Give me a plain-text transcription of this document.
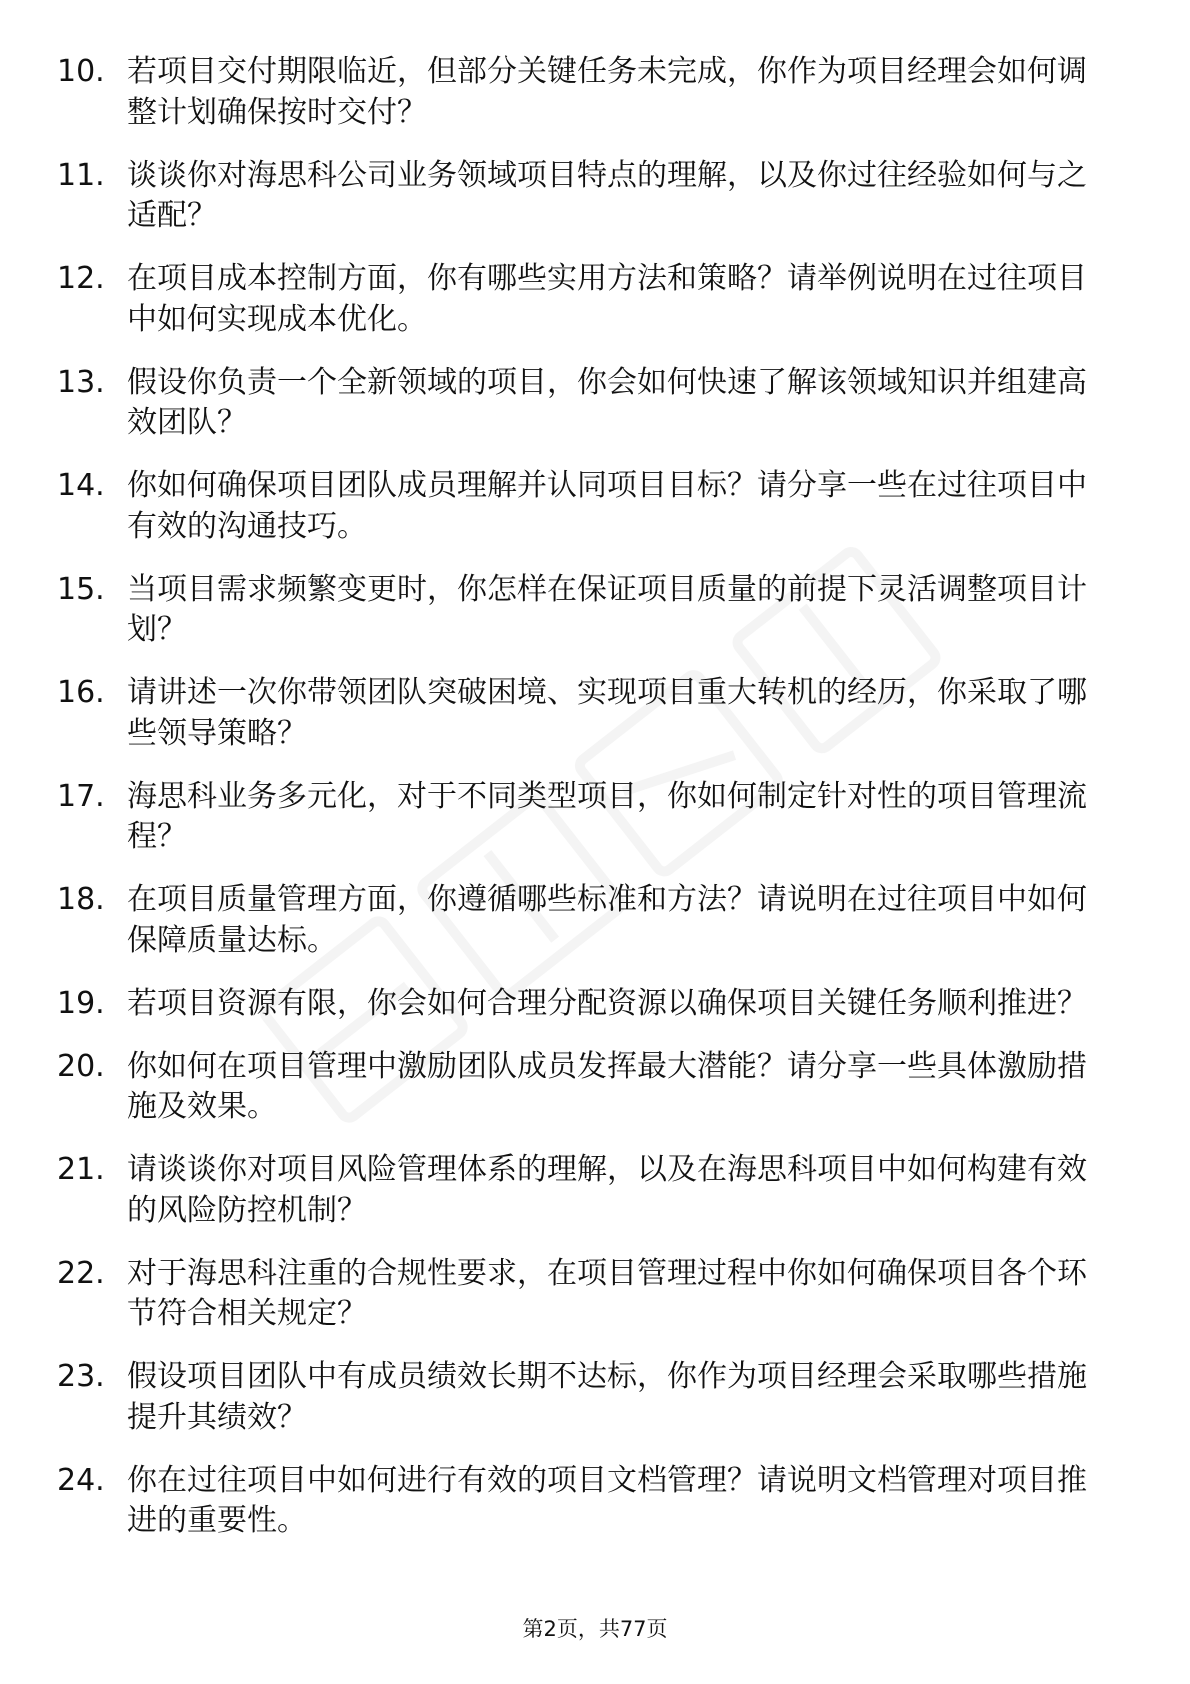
10. 若项目交付期限临近，但部分关键任务未完成，你作为项目经理会如何调整计划确保按时交付？
11. 谈谈你对海思科公司业务领域项目特点的理解，以及你过往经验如何与之适配？
12. 在项目成本控制方面，你有哪些实用方法和策略？请举例说明在过往项目中如何实现成本优化。
13. 假设你负责一个全新领域的项目，你会如何快速了解该领域知识并组建高效团队？
14. 你如何确保项目团队成员理解并认同项目目标？请分享一些在过往项目中有效的沟通技巧。
15. 当项目需求频繁变更时，你怎样在保证项目质量的前提下灵活调整项目计划？
16. 请讲述一次你带领团队突破困境、实现项目重大转机的经历，你采取了哪些领导策略？
17. 海思科业务多元化，对于不同类型项目，你如何制定针对性的项目管理流程？
18. 在项目质量管理方面，你遵循哪些标准和方法？请说明在过往项目中如何保障质量达标。
19. 若项目资源有限，你会如何合理分配资源以确保项目关键任务顺利推进？
20. 你如何在项目管理中激励团队成员发挥最大潜能？请分享一些具体激励措施及效果。
21. 请谈谈你对项目风险管理体系的理解，以及在海思科项目中如何构建有效的风险防控机制？
22. 对于海思科注重的合规性要求，在项目管理过程中你如何确保项目各个环节符合相关规定？
23. 假设项目团队中有成员绩效长期不达标，你作为项目经理会采取哪些措施提升其绩效？
24. 你在过往项目中如何进行有效的项目文档管理？请说明文档管理对项目推进的重要性。
第2页，共77页
